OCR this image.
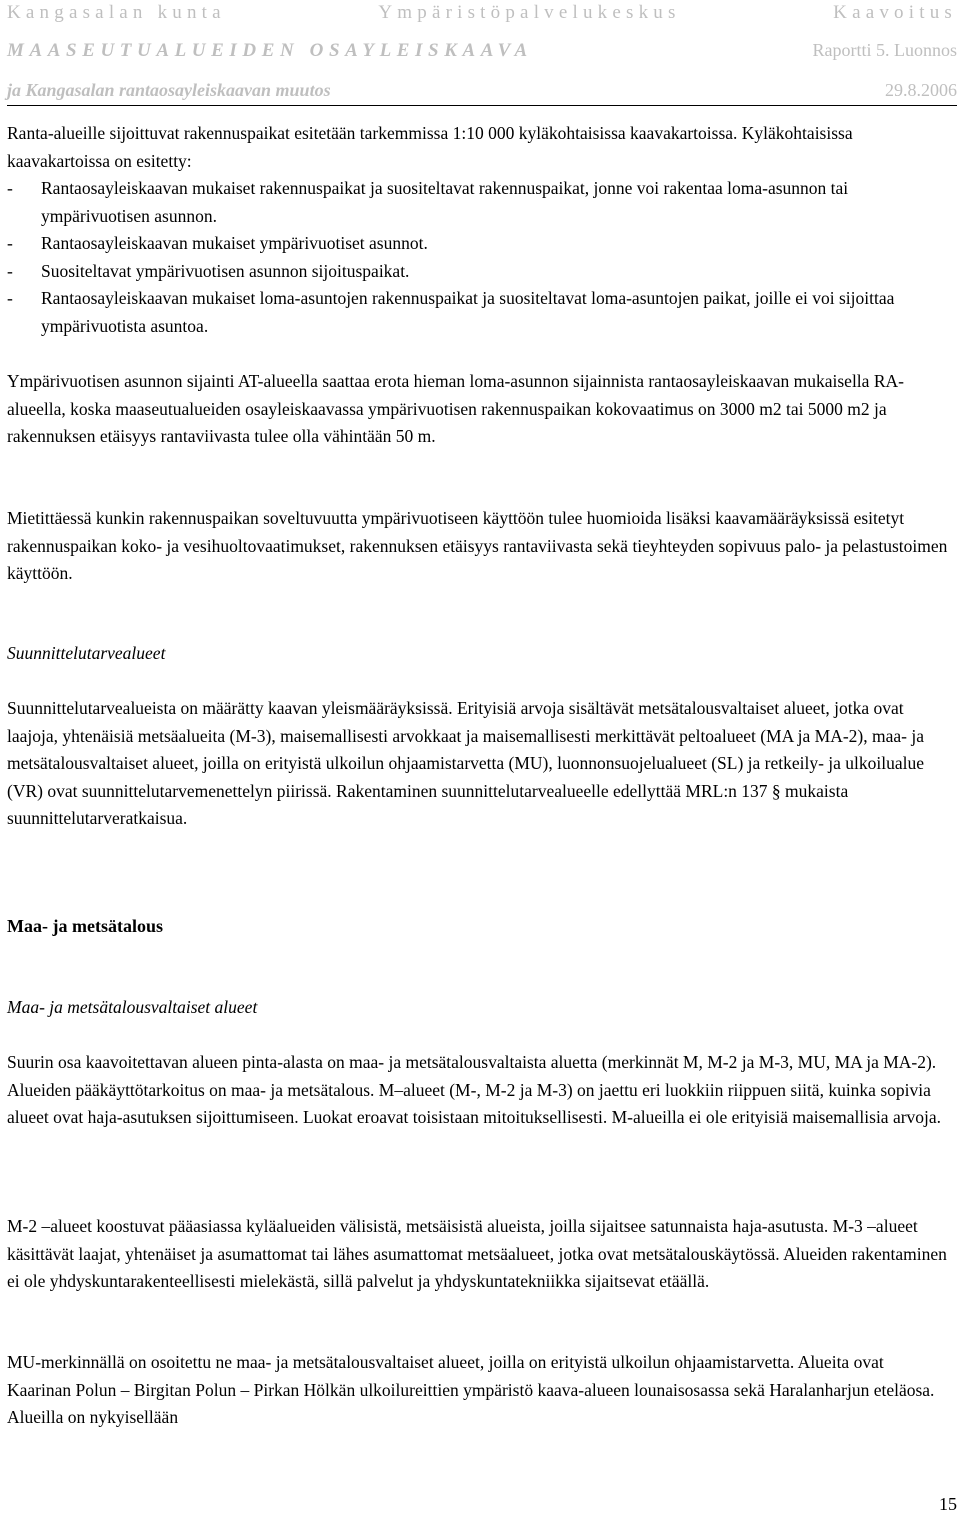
Kangasalan kunta	Ympäristöpalvelukeskus	Kaavoitus
MAASEUTUALUEIDEN OSAYLEISKAAVA	Raportti 5. Luonnos
ja Kangasalan rantaosayleiskaavan muutos	29.8.2006

Ranta-alueille sijoittuvat rakennuspaikat esitetään tarkemmissa 1:10 000 kyläkohtaisissa kaavakartoissa. Kyläkohtaisissa kaavakartoissa on esitetty:

-	Rantaosayleiskaavan mukaiset rakennuspaikat ja suositeltavat rakennuspaikat, jonne voi rakentaa loma-asunnon tai ympärivuotisen asunnon.
-	Rantaosayleiskaavan mukaiset ympärivuotiset asunnot.
-	Suositeltavat ympärivuotisen asunnon sijoituspaikat.
-	Rantaosayleiskaavan mukaiset loma-asuntojen rakennuspaikat ja suositeltavat loma-asuntojen paikat, joille ei voi sijoittaa ympärivuotista asuntoa.

Ympärivuotisen asunnon sijainti AT-alueella saattaa erota hieman loma-asunnon sijainnista rantaosayleiskaavan mukaisella RA-alueella, koska maaseutualueiden osayleiskaavassa ympärivuotisen rakennuspaikan kokovaatimus on 3000 m2 tai 5000 m2 ja rakennuksen etäisyys rantaviivasta tulee olla vähintään 50 m.

Mietittäessä kunkin rakennuspaikan soveltuvuutta ympärivuotiseen käyttöön tulee huomioida lisäksi kaavamääräyksissä esitetyt rakennuspaikan koko- ja vesihuoltovaatimukset, rakennuksen etäisyys rantaviivasta sekä tieyhteyden sopivuus palo- ja pelastustoimen käyttöön.

Suunnittelutarvealueet

Suunnittelutarvealueista on määrätty kaavan yleismääräyksissä. Erityisiä arvoja sisältävät metsätalousvaltaiset alueet, jotka ovat laajoja, yhtenäisiä metsäalueita (M-3), maisemallisesti arvokkaat ja maisemallisesti merkittävät peltoalueet (MA ja MA-2), maa- ja metsätalousvaltaiset alueet, joilla on erityistä ulkoilun ohjaamistarvetta (MU), luonnonsuojelualueet (SL) ja retkeily- ja ulkoilualue (VR) ovat suunnittelutarvemenettelyn piirissä. Rakentaminen suunnittelutarvealueelle edellyttää MRL:n 137 § mukaista suunnittelutarveratkaisua.

Maa- ja metsätalous

Maa- ja metsätalousvaltaiset alueet

Suurin osa kaavoitettavan alueen pinta-alasta on maa- ja metsätalousvaltaista aluetta (merkinnät M, M-2 ja M-3, MU, MA ja MA-2). Alueiden pääkäyttötarkoitus on maa- ja metsätalous. M–alueet (M-, M-2 ja M-3) on jaettu eri luokkiin riippuen siitä, kuinka sopivia alueet ovat haja-asutuksen sijoittumiseen. Luokat eroavat toisistaan mitoituksellisesti. M-alueilla ei ole erityisiä maisemallisia arvoja.

M-2 –alueet koostuvat pääasiassa kyläalueiden välisistä, metsäisistä alueista, joilla sijaitsee satunnaista haja-asutusta. M-3 –alueet käsittävät laajat, yhtenäiset ja asumattomat tai lähes asumattomat metsäalueet, jotka ovat metsätalouskäytössä. Alueiden rakentaminen ei ole yhdyskuntarakenteellisesti mielekästä, sillä palvelut ja yhdyskuntatekniikka sijaitsevat etäällä.

MU-merkinnällä on osoitettu ne maa- ja metsätalousvaltaiset alueet, joilla on erityistä ulkoilun ohjaamistarvetta. Alueita ovat Kaarinan Polun – Birgitan Polun – Pirkan Hölkän ulkoilureittien ympäristö kaava-alueen lounaisosassa sekä Haralanharjun eteläosa. Alueilla on nykyisellään

15
